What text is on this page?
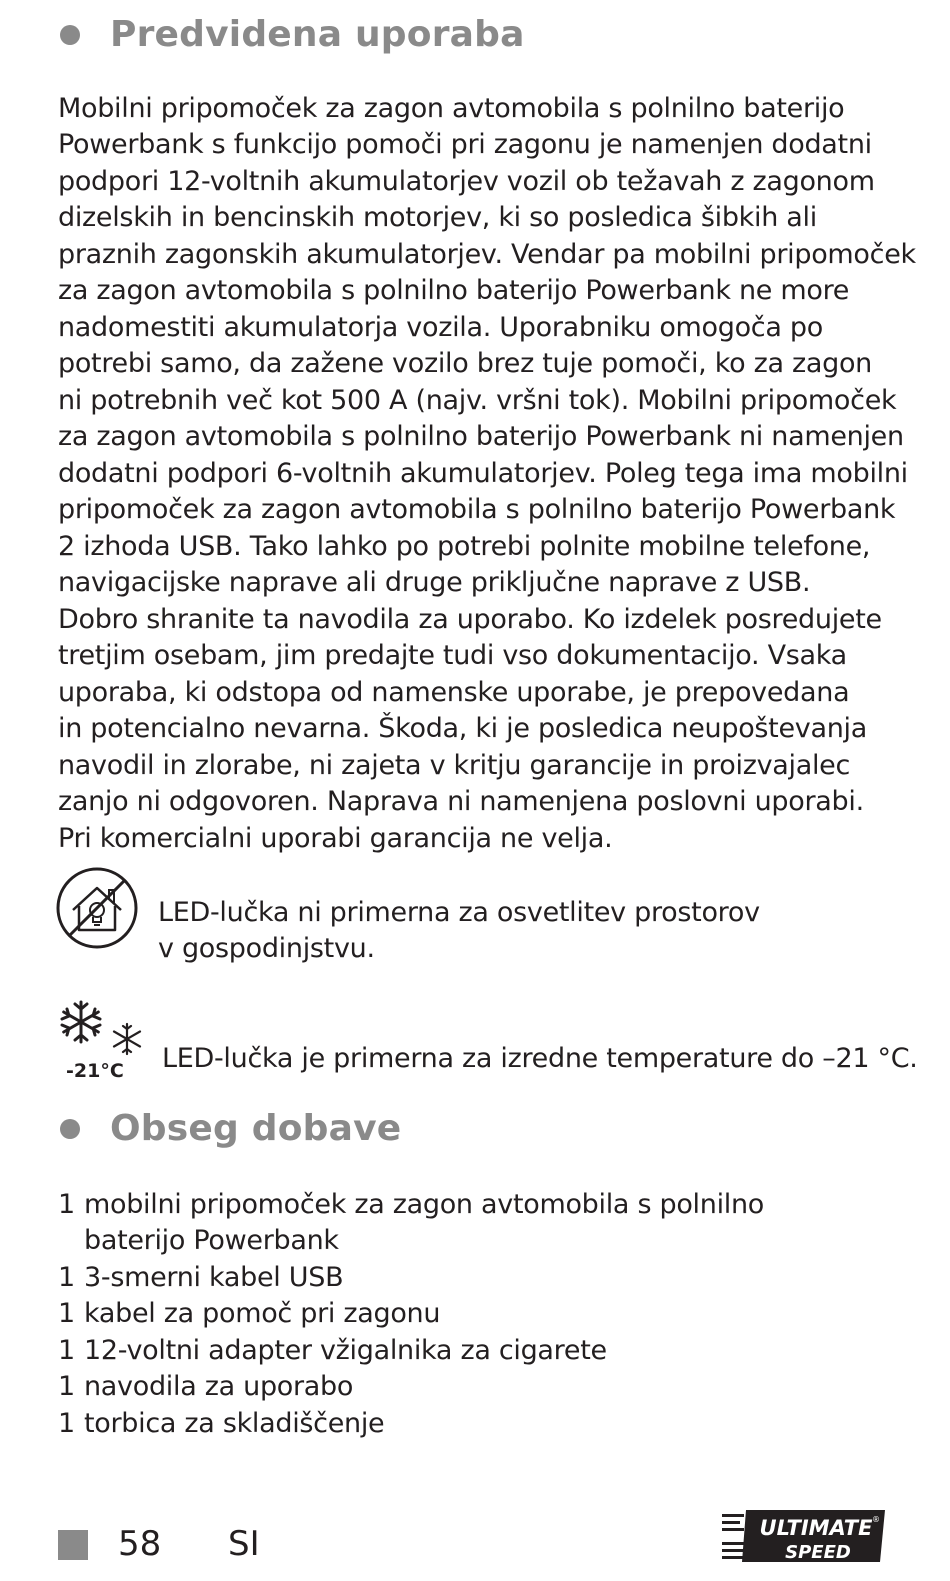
Predvidena uporaba
Mobilni pripomoček za zagon avtomobila s polnilno baterijo
Powerbank s funkcijo pomoči pri zagonu je namenjen dodatni
podpori 12-voltnih akumulatorjev vozil ob težavah z zagonom
dizelskih in bencinskih motorjev, ki so posledica šibkih ali
praznih zagonskih akumulatorjev. Vendar pa mobilni pripomoček
za zagon avtomobila s polnilno baterijo Powerbank ne more
nadomestiti akumulatorja vozila. Uporabniku omogoča po
potrebi samo, da zažene vozilo brez tuje pomoči, ko za zagon
ni potrebnih več kot 500 A (najv. vršni tok). Mobilni pripomoček
za zagon avtomobila s polnilno baterijo Powerbank ni namenjen
dodatni podpori 6-voltnih akumulatorjev. Poleg tega ima mobilni
pripomoček za zagon avtomobila s polnilno baterijo Powerbank
2 izhoda USB. Tako lahko po potrebi polnite mobilne telefone,
navigacijske naprave ali druge priključne naprave z USB.
Dobro shranite ta navodila za uporabo. Ko izdelek posredujete
tretjim osebam, jim predajte tudi vso dokumentacijo. Vsaka
uporaba, ki odstopa od namenske uporabe, je prepovedana
in potencialno nevarna. Škoda, ki je posledica neupoštevanja
navodil in zlorabe, ni zajeta v kritju garancije in proizvajalec
zanjo ni odgovoren. Naprava ni namenjena poslovni uporabi.
Pri komercialni uporabi garancija ne velja.
LED-lučka ni primerna za osvetlitev prostorov
v gospodinjstvu.
-21°C LED-lučka je primerna za izredne temperature do –21 °C.
Obseg dobave
1 mobilni pripomoček za zagon avtomobila s polnilno
baterijo Powerbank
1 3-smerni kabel USB
1 kabel za pomoč pri zagonu
1 12-voltni adapter vžigalnika za cigarete
1 navodila za uporabo
1 torbica za skladiščenje
58 SI	ULTIMATE
SPEED
®
